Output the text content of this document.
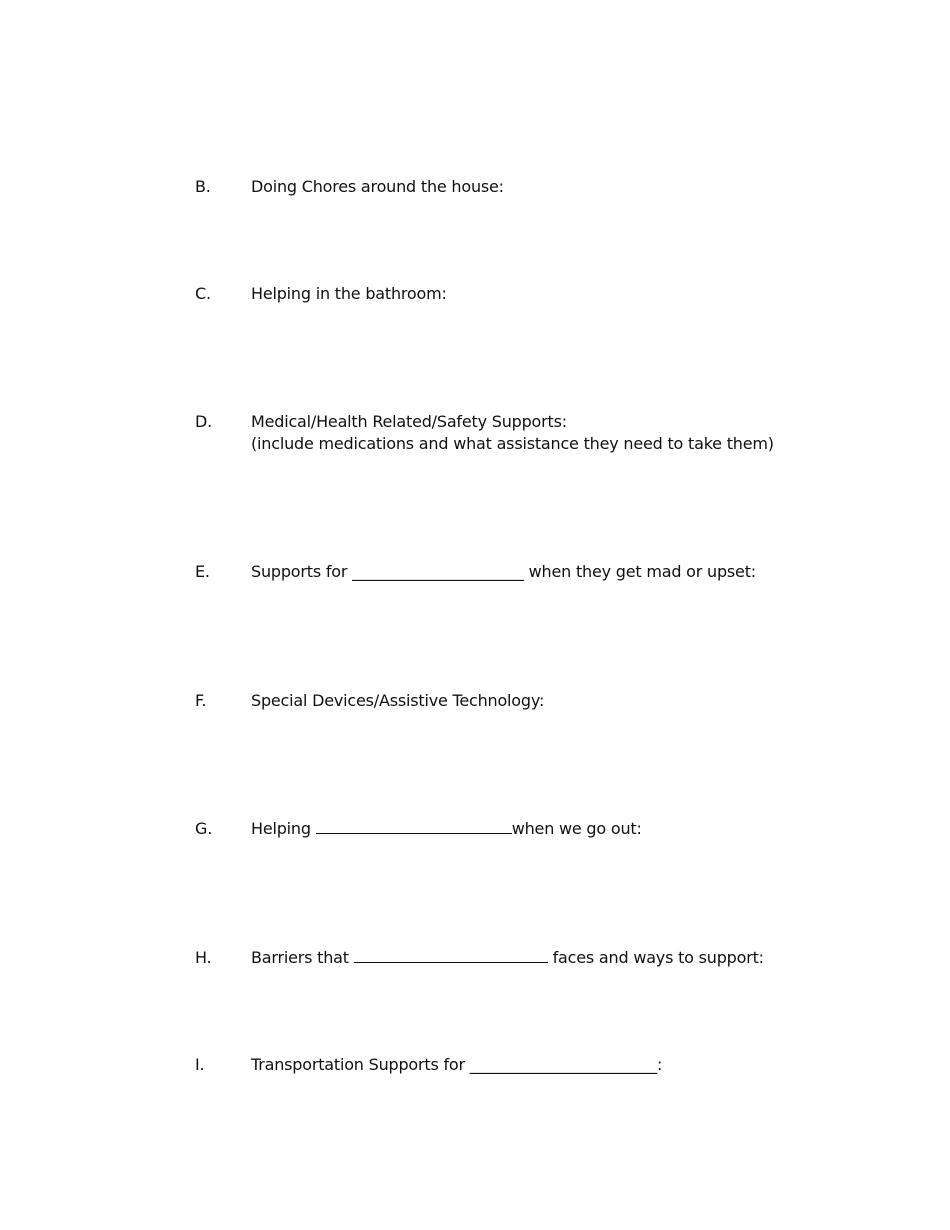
B.	Doing Chores around the house:
C.	Helping in the bathroom:
D.	Medical/Health Related/Safety Supports:
(include medications and what assistance they need to take them)
E.	Supports for ______________________ when they get mad or upset:
F.	Special Devices/Assistive Technology:
G.	Helping	when we go out:
H.	Barriers that	faces and ways to support:
I.	Transportation Supports for ________________________:
